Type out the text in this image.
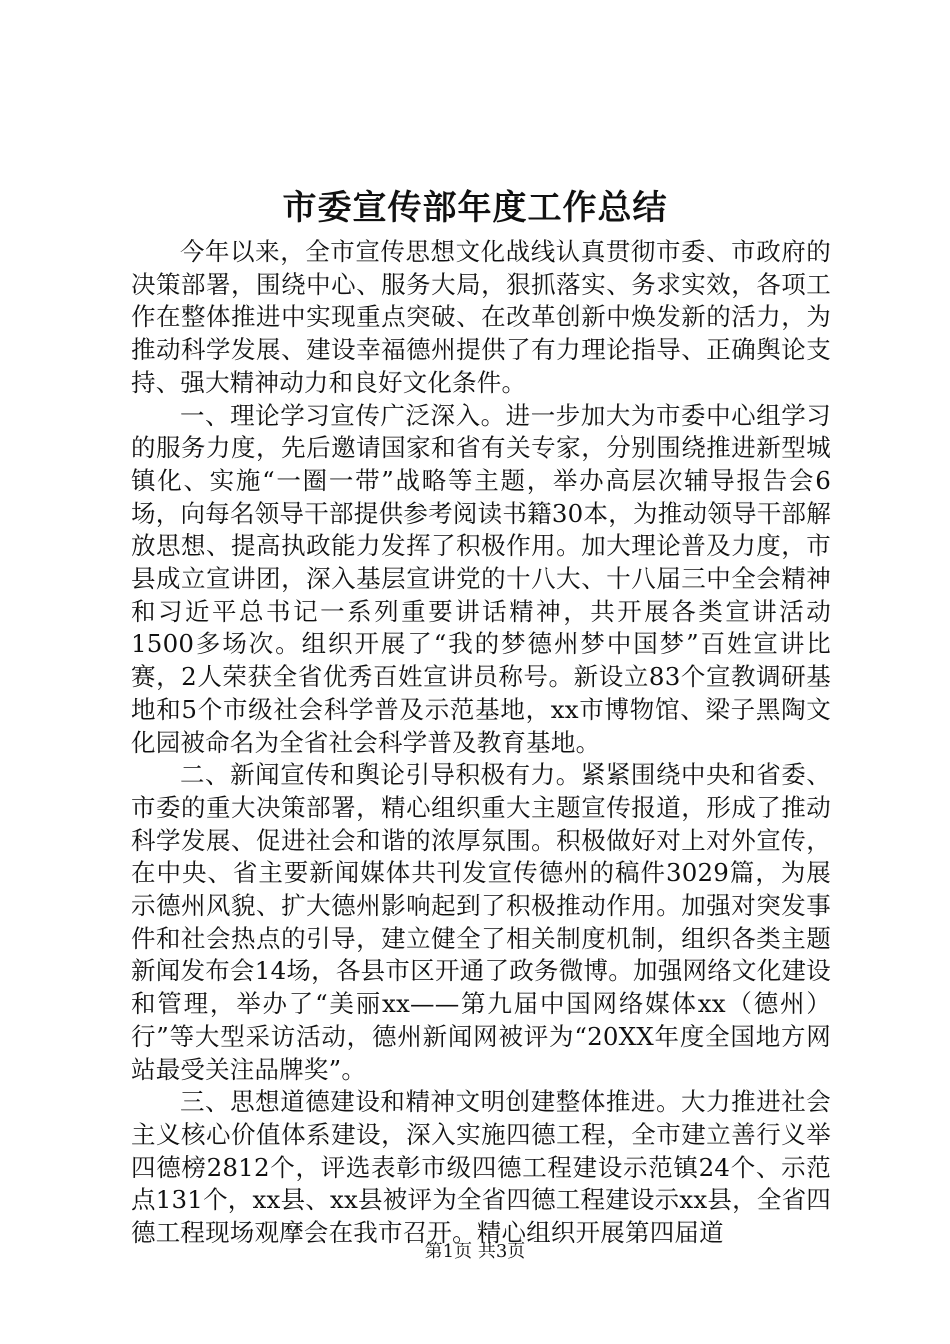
市委宣传部年度工作总结

今年以来，全市宣传思想文化战线认真贯彻市委、市政府的决策部署，围绕中心、服务大局，狠抓落实、务求实效，各项工作在整体推进中实现重点突破、在改革创新中焕发新的活力，为推动科学发展、建设幸福德州提供了有力理论指导、正确舆论支持、强大精神动力和良好文化条件。

一、理论学习宣传广泛深入。进一步加大为市委中心组学习的服务力度，先后邀请国家和省有关专家，分别围绕推进新型城镇化、实施“一圈一带”战略等主题，举办高层次辅导报告会6场，向每名领导干部提供参考阅读书籍30本，为推动领导干部解放思想、提高执政能力发挥了积极作用。加大理论普及力度，市县成立宣讲团，深入基层宣讲党的十八大、十八届三中全会精神和习近平总书记一系列重要讲话精神，共开展各类宣讲活动1500多场次。组织开展了“我的梦德州梦中国梦”百姓宣讲比赛，2人荣获全省优秀百姓宣讲员称号。新设立83个宣教调研基地和5个市级社会科学普及示范基地，xx市博物馆、梁子黑陶文化园被命名为全省社会科学普及教育基地。

二、新闻宣传和舆论引导积极有力。紧紧围绕中央和省委、市委的重大决策部署，精心组织重大主题宣传报道，形成了推动科学发展、促进社会和谐的浓厚氛围。积极做好对上对外宣传，在中央、省主要新闻媒体共刊发宣传德州的稿件3029篇，为展示德州风貌、扩大德州影响起到了积极推动作用。加强对突发事件和社会热点的引导，建立健全了相关制度机制，组织各类主题新闻发布会14场，各县市区开通了政务微博。加强网络文化建设和管理，举办了“美丽xx——第九届中国网络媒体xx（德州）行”等大型采访活动，德州新闻网被评为“20XX年度全国地方网站最受关注品牌奖”。

三、思想道德建设和精神文明创建整体推进。大力推进社会主义核心价值体系建设，深入实施四德工程，全市建立善行义举四德榜2812个，评选表彰市级四德工程建设示范镇24个、示范点131个，xx县、xx县被评为全省四德工程建设示xx县，全省四德工程现场观摩会在我市召开。精心组织开展第四届道

第1页 共3页
